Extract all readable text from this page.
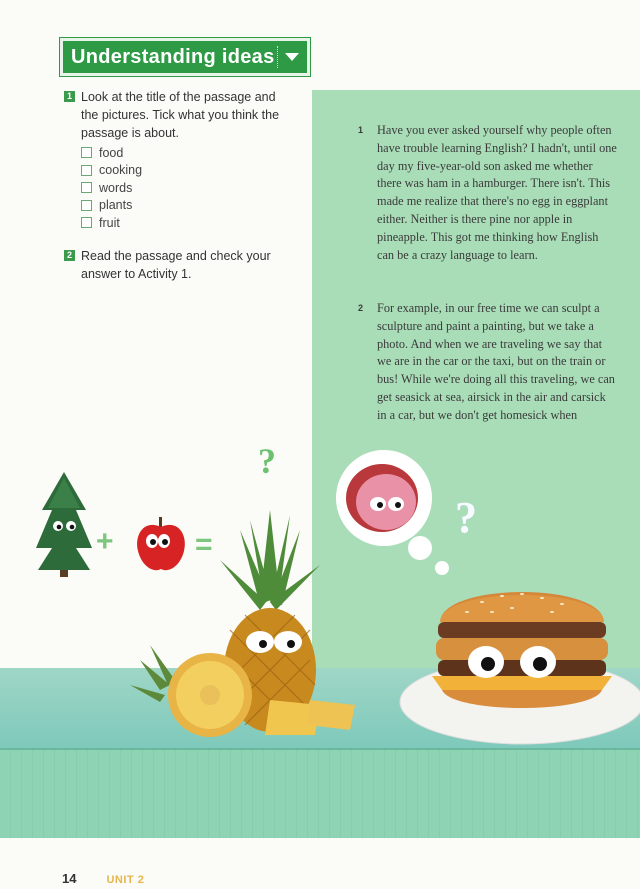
Understanding ideas
1 Look at the title of the passage and the pictures. Tick what you think the passage is about.
food
cooking
words
plants
fruit
2 Read the passage and check your answer to Activity 1.
1 Have you ever asked yourself why people often have trouble learning English? I hadn't, until one day my five-year-old son asked me whether there was ham in a hamburger. There isn't. This made me realize that there's no egg in eggplant either. Neither is there pine nor apple in pineapple. This got me thinking how English can be a crazy language to learn.
2 For example, in our free time we can sculpt a sculpture and paint a painting, but we take a photo. And when we are traveling we say that we are in the car or the taxi, but on the train or bus! While we're doing all this traveling, we can get seasick at sea, airsick in the air and carsick in a car, but we don't get homesick when
+	=
?
?
14	UNIT 2
